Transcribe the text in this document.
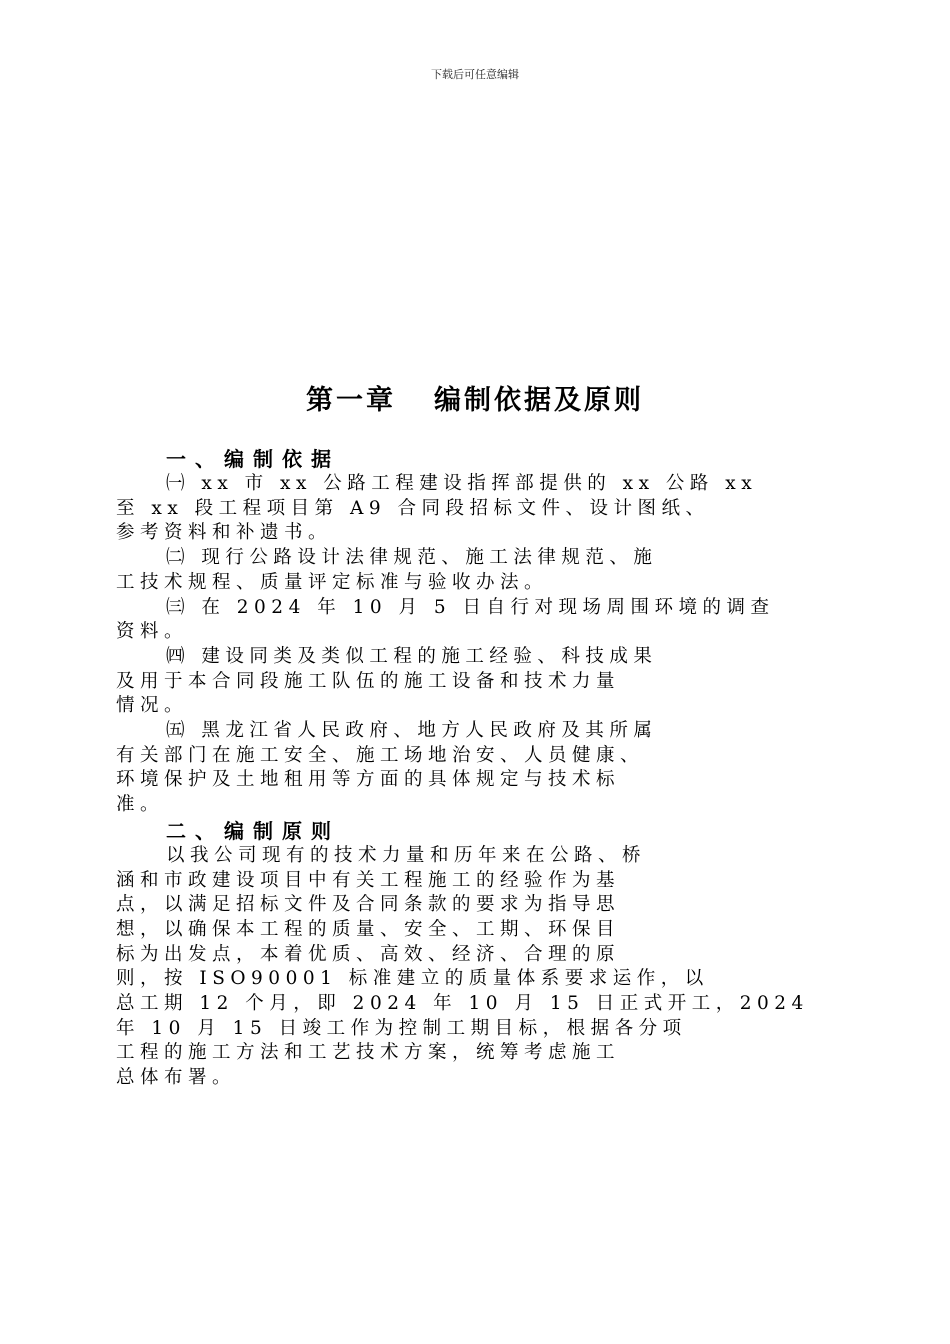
下载后可任意编辑
第一章 编制依据及原则
一、编制依据
㈠ xx 市 xx 公路工程建设指挥部提供的 xx 公路 xx
至 xx 段工程项目第 A9 合同段招标文件、设计图纸、
参考资料和补遗书。
㈡ 现行公路设计法律规范、施工法律规范、施
工技术规程、质量评定标准与验收办法。
㈢ 在 2024 年 10 月 5 日自行对现场周围环境的调查
资料。
㈣ 建设同类及类似工程的施工经验、科技成果
及用于本合同段施工队伍的施工设备和技术力量
情况。
㈤ 黑龙江省人民政府、地方人民政府及其所属
有关部门在施工安全、施工场地治安、人员健康、
环境保护及土地租用等方面的具体规定与技术标
准。
二、编制原则
以我公司现有的技术力量和历年来在公路、桥
涵和市政建设项目中有关工程施工的经验作为基
点，以满足招标文件及合同条款的要求为指导思
想，以确保本工程的质量、安全、工期、环保目
标为出发点，本着优质、高效、经济、合理的原
则，按 ISO90001 标准建立的质量体系要求运作，以
总工期 12 个月，即 2024 年 10 月 15 日正式开工，2024
年 10 月 15 日竣工作为控制工期目标，根据各分项
工程的施工方法和工艺技术方案，统筹考虑施工
总体布署。
